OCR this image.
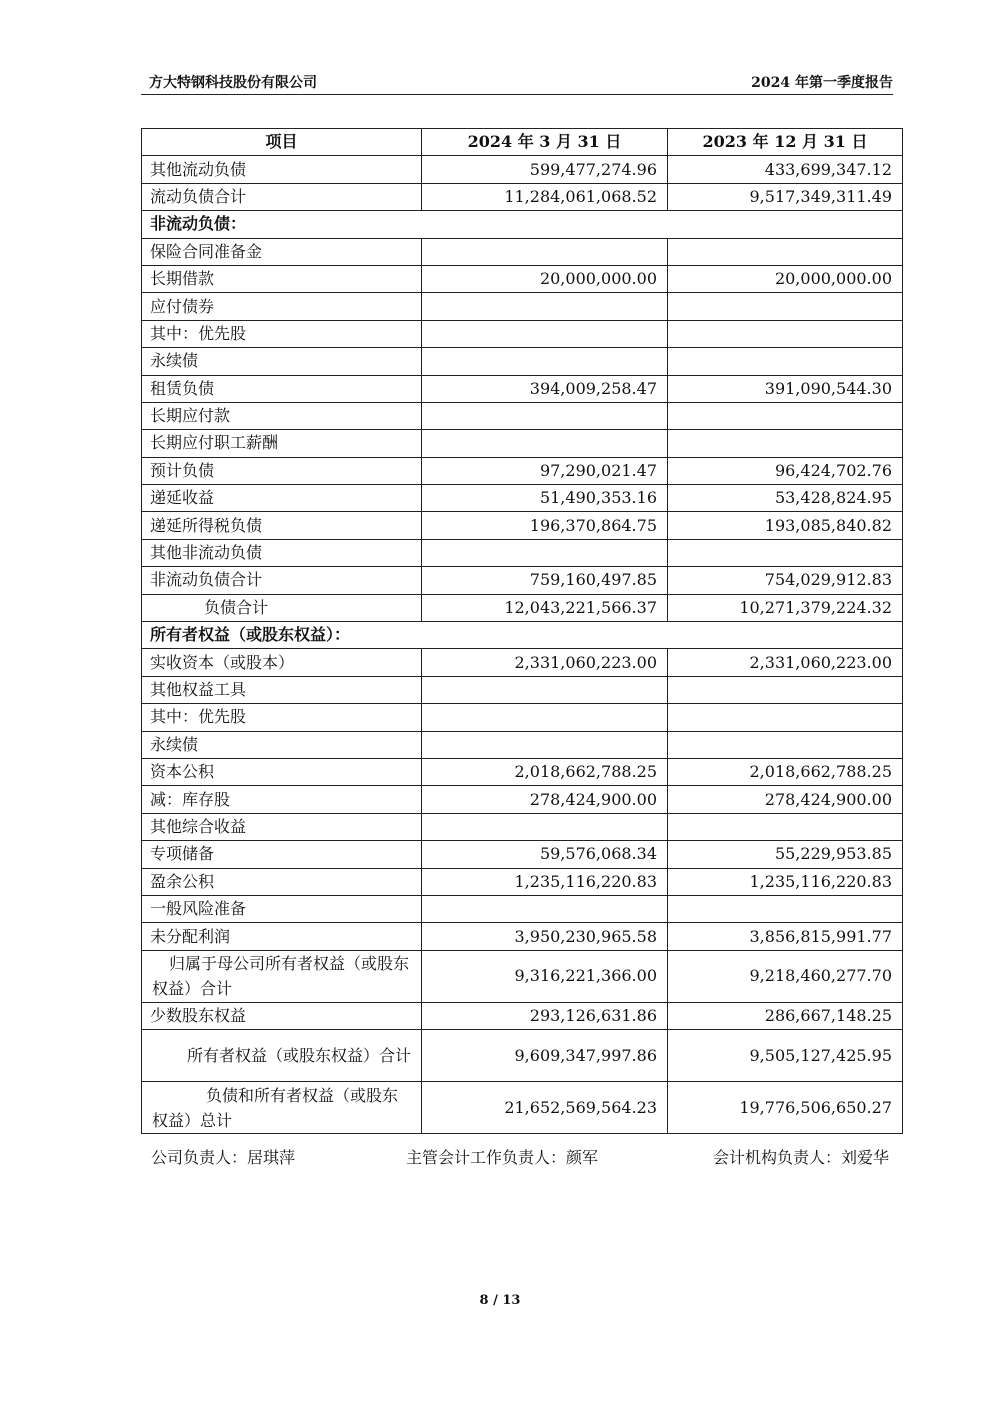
方大特钢科技股份有限公司	2024 年第一季度报告
项目	2024 年 3 月 31 日	2023 年 12 月 31 日
其他流动负债	599,477,274.96	433,699,347.12
流动负债合计	11,284,061,068.52	9,517,349,311.49
非流动负债：		
保险合同准备金		
长期借款	20,000,000.00	20,000,000.00
应付债券		
其中：优先股		
永续债		
租赁负债	394,009,258.47	391,090,544.30
长期应付款		
长期应付职工薪酬		
预计负债	97,290,021.47	96,424,702.76
递延收益	51,490,353.16	53,428,824.95
递延所得税负债	196,370,864.75	193,085,840.82
其他非流动负债		
非流动负债合计	759,160,497.85	754,029,912.83
负债合计	12,043,221,566.37	10,271,379,224.32
所有者权益（或股东权益）：		
实收资本（或股本）	2,331,060,223.00	2,331,060,223.00
其他权益工具		
其中：优先股		
永续债		
资本公积	2,018,662,788.25	2,018,662,788.25
减：库存股	278,424,900.00	278,424,900.00
其他综合收益		
专项储备	59,576,068.34	55,229,953.85
盈余公积	1,235,116,220.83	1,235,116,220.83
一般风险准备		
未分配利润	3,950,230,965.58	3,856,815,991.77
归属于母公司所有者权益（或股东权益）合计	9,316,221,366.00	9,218,460,277.70
少数股东权益	293,126,631.86	286,667,148.25
所有者权益（或股东权益）合计	9,609,347,997.86	9,505,127,425.95
负债和所有者权益（或股东权益）总计	21,652,569,564.23	19,776,506,650.27
公司负责人：居琪萍	主管会计工作负责人：颜军	会计机构负责人：刘爱华
8 / 13
